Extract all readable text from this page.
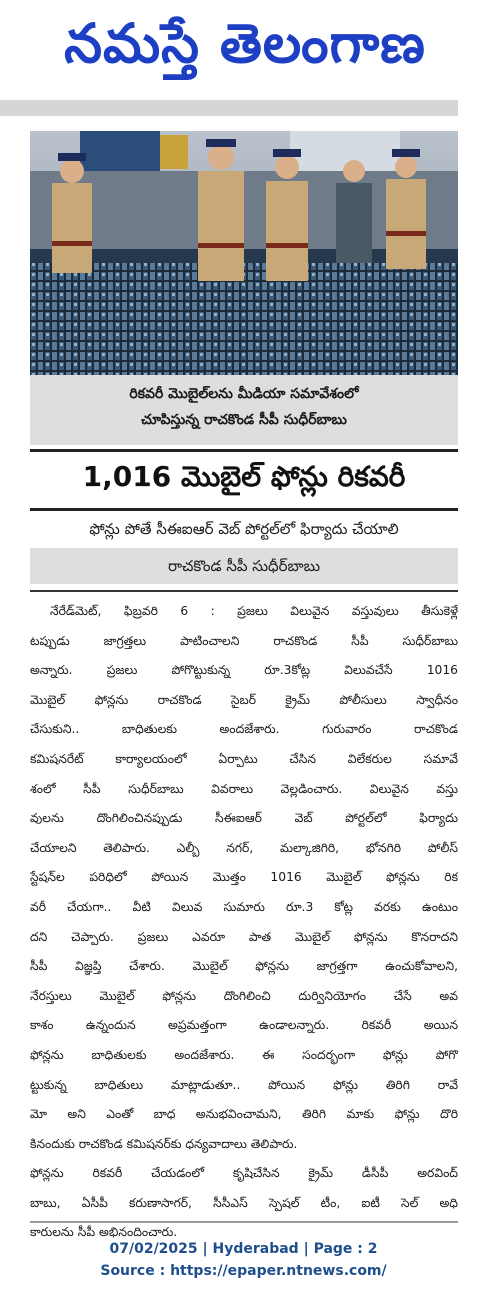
నమస్తే తెలంగాణ
రికవరీ మొబైల్‌లను మీడియా సమావేశంలో
చూపిస్తున్న రాచకొండ సీపీ సుధీర్‌బాబు
1,016 మొబైల్ ఫోన్లు రికవరీ
ఫోన్లు పోతే సీఈఐఆర్ వెబ్ పోర్టల్‌లో ఫిర్యాదు చేయాలి
రాచకొండ సీపీ సుధీర్‌బాబు
నేరేడ్‌మెట్, ఫిబ్రవరి 6 : ప్రజలు విలువైన వస్తువులు తీసుకెళ్లే
టప్పుడు జాగ్రత్తలు పాటించాలని రాచకొండ సీపీ సుధీర్‌బాబు
అన్నారు. ప్రజలు పోగొట్టుకున్న రూ.3కోట్ల విలువచేసే 1016
మొబైల్ ఫోన్లను రాచకొండ సైబర్ క్రైమ్ పోలీసులు స్వాధీనం
చేసుకుని.. బాధితులకు అందజేశారు. గురువారం రాచకొండ
కమిషనరేట్ కార్యాలయంలో ఏర్పాటు చేసిన విలేకరుల సమావే
శంలో సీపీ సుధీర్‌బాబు వివరాలు వెల్లడించారు. విలువైన వస్తు
వులను దొంగిలించినప్పుడు సీఈఐఆర్ వెబ్ పోర్టల్‌లో ఫిర్యాదు
చేయాలని తెలిపారు. ఎల్బీ నగర్, మల్కాజిగిరి, భోనగిరి పోలీస్
స్టేషన్‌ల పరిధిలో పోయిన మొత్తం 1016 మొబైల్ ఫోన్లను రిక
వరీ చేయగా.. వీటి విలువ సుమారు రూ.3 కోట్ల వరకు ఉంటుం
దని చెప్పారు. ప్రజలు ఎవరూ పాత మొబైల్ ఫోన్లను కొనరాదని
సీపీ విజ్ఞప్తి చేశారు. మొబైల్ ఫోన్లను జాగ్రత్తగా ఉంచుకోవాలని,
నేరస్తులు మొబైల్ ఫోన్లను దొంగిలించి దుర్వినియోగం చేసే అవ
కాశం ఉన్నందున అప్రమత్తంగా ఉండాలన్నారు. రికవరీ అయిన
ఫోన్లను బాధితులకు అందజేశారు. ఈ సందర్భంగా ఫోన్లు పోగొ
ట్టుకున్న బాధితులు మాట్లాడుతూ.. పోయిన ఫోన్లు తిరిగి రావే
మో అని ఎంతో బాధ అనుభవించామని, తిరిగి మాకు ఫోన్లు దొరి
కినందుకు రాచకొండ కమిషనర్‌కు ధన్యవాదాలు తెలిపారు.
ఫోన్లను రికవరీ చేయడంలో కృషిచేసిన క్రైమ్ డీసీపీ అరవింద్
బాబు, ఏసీపీ కరుణాసాగర్, సీసీఎస్ స్పెషల్ టీం, ఐటీ సెల్ అధి
కారులను సీపీ అభినందించారు.
07/02/2025 | Hyderabad | Page : 2
Source : https://epaper.ntnews.com/
